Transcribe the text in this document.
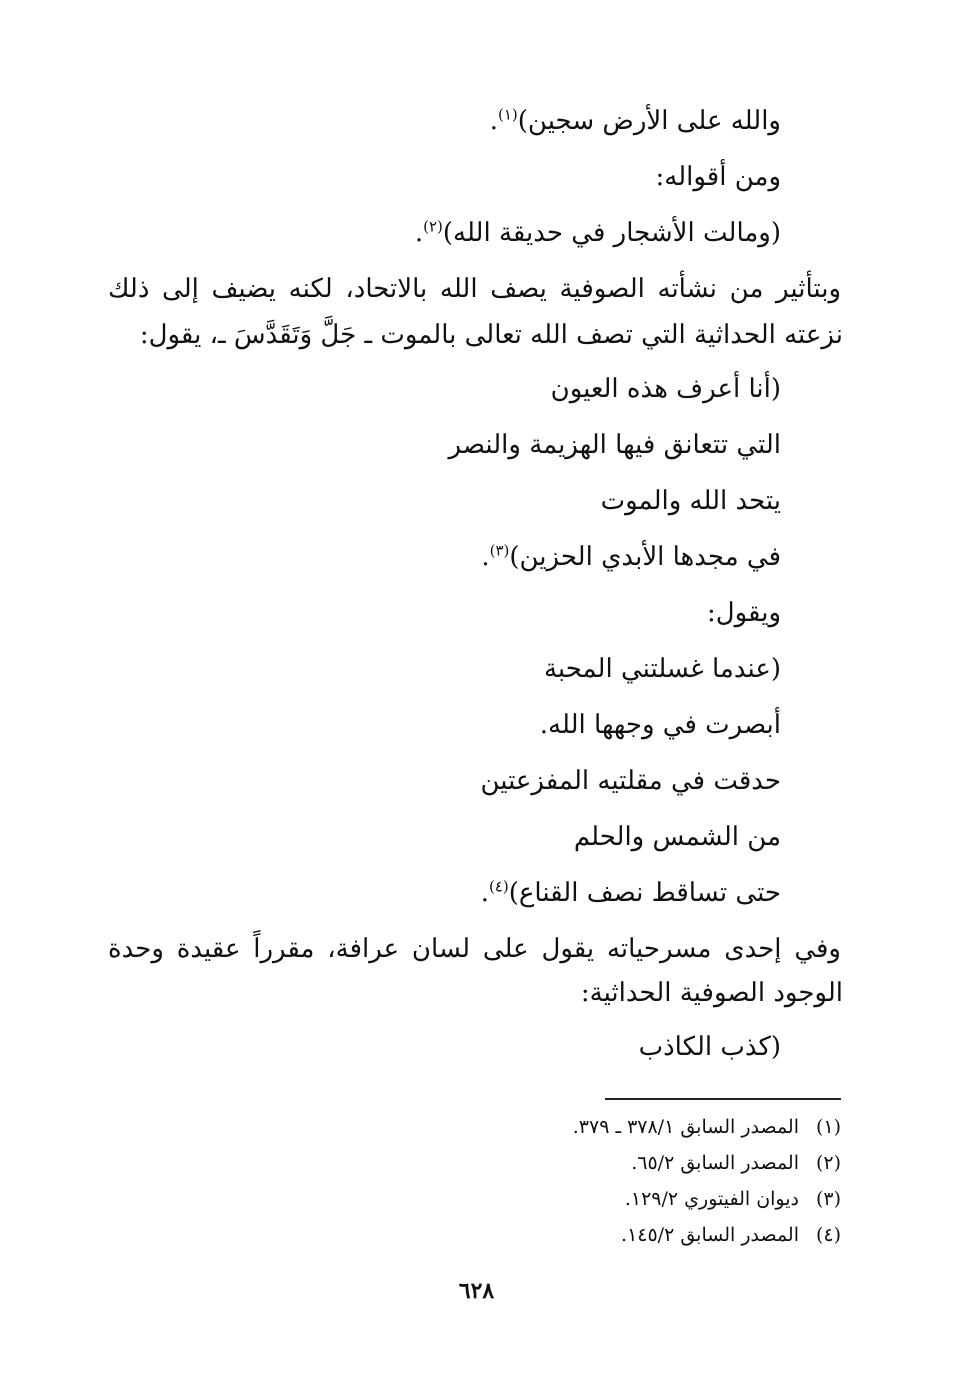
والله على الأرض سجين)$^{(١)}$.
ومن أقواله:
(ومالت الأشجار في حديقة الله)$^{(٢)}$.
وبتأثير من نشأته الصوفية يصف الله بالاتحاد، لكنه يضيف إلى ذلك
نزعته الحداثية التي تصف الله تعالى بالموت ـ جَلَّ وَتَقَدَّسَ ـ، يقول:
(أنا أعرف هذه العيون
التي تتعانق فيها الهزيمة والنصر
يتحد الله والموت
في مجدها الأبدي الحزين)$^{(٣)}$.
ويقول:
(عندما غسلتني المحبة
أبصرت في وجهها الله.
حدقت في مقلتيه المفزعتين
من الشمس والحلم
حتى تساقط نصف القناع)$^{(٤)}$.
وفي إحدى مسرحياته يقول على لسان عرافة، مقرراً عقيدة وحدة
الوجود الصوفية الحداثية:
(كذب الكاذب
(١)المصدر السابق ٣٧٨/١ ـ ٣٧٩.
(٢)المصدر السابق ٦٥/٢.
(٣)ديوان الفيتوري ١٢٩/٢.
(٤)المصدر السابق ١٤٥/٢.
٦٢٨
